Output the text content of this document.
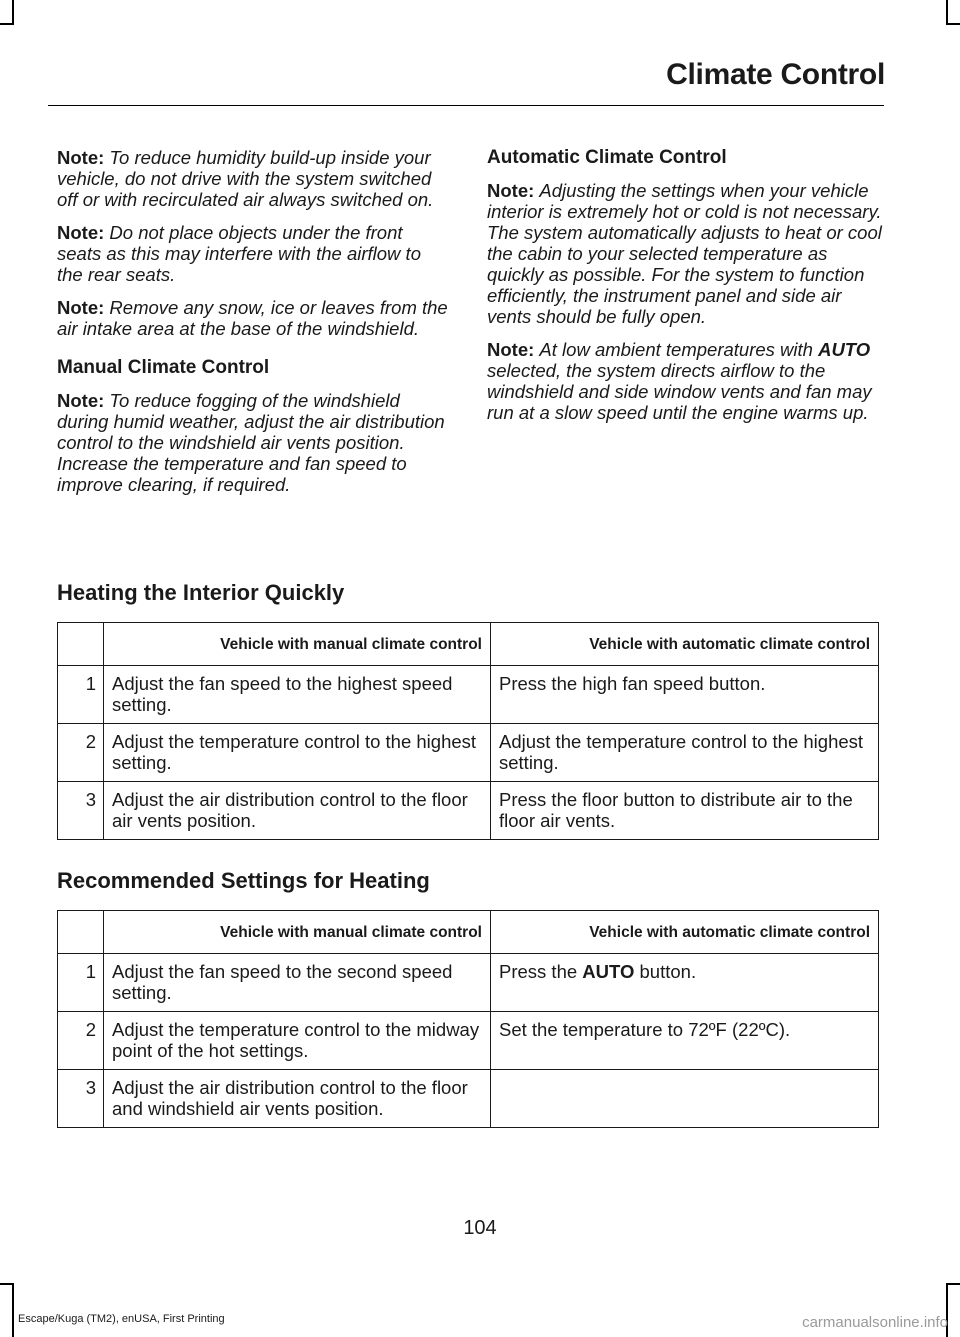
Climate Control

Note: To reduce humidity build-up inside your vehicle, do not drive with the system switched off or with recirculated air always switched on.

Note: Do not place objects under the front seats as this may interfere with the airflow to the rear seats.

Note: Remove any snow, ice or leaves from the air intake area at the base of the windshield.

Manual Climate Control

Note: To reduce fogging of the windshield during humid weather, adjust the air distribution control to the windshield air vents position. Increase the temperature and fan speed to improve clearing, if required.

Automatic Climate Control

Note: Adjusting the settings when your vehicle interior is extremely hot or cold is not necessary. The system automatically adjusts to heat or cool the cabin to your selected temperature as quickly as possible. For the system to function efficiently, the instrument panel and side air vents should be fully open.

Note: At low ambient temperatures with AUTO selected, the system directs airflow to the windshield and side window vents and fan may run at a slow speed until the engine warms up.

Heating the Interior Quickly
	Vehicle with manual climate control	Vehicle with automatic climate control
1	Adjust the fan speed to the highest speed setting.	Press the high fan speed button.
2	Adjust the temperature control to the highest setting.	Adjust the temperature control to the highest setting.
3	Adjust the air distribution control to the floor air vents position.	Press the floor button to distribute air to the floor air vents.
Recommended Settings for Heating
	Vehicle with manual climate control	Vehicle with automatic climate control
1	Adjust the fan speed to the second speed setting.	Press the AUTO button.
2	Adjust the temperature control to the midway point of the hot settings.	Set the temperature to 72ºF (22ºC).
3	Adjust the air distribution control to the floor and windshield air vents position.	
104
Escape/Kuga (TM2), enUSA, First Printing	carmanualsonline.info
